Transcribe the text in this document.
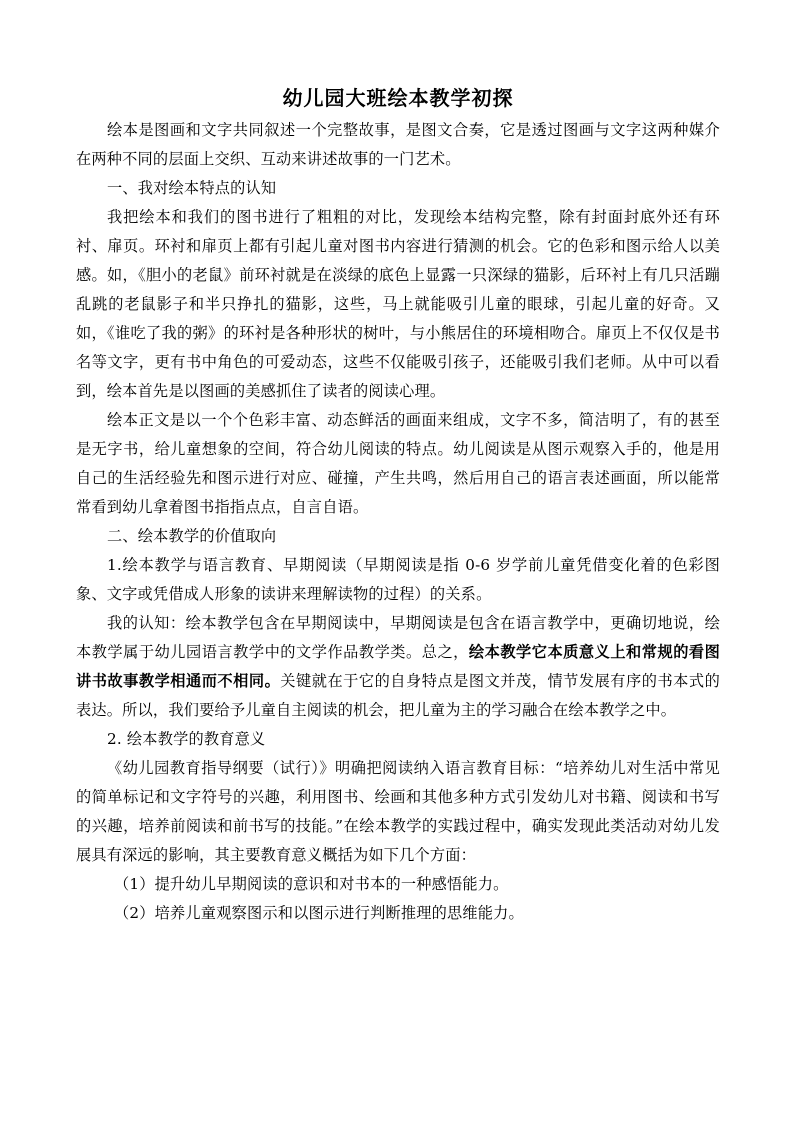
幼儿园大班绘本教学初探

绘本是图画和文字共同叙述一个完整故事，是图文合奏，它是透过图画与文字这两种媒介在两种不同的层面上交织、互动来讲述故事的一门艺术。

一、我对绘本特点的认知

我把绘本和我们的图书进行了粗粗的对比，发现绘本结构完整，除有封面封底外还有环衬、扉页。环衬和扉页上都有引起儿童对图书内容进行猜测的机会。它的色彩和图示给人以美感。如，《胆小的老鼠》前环衬就是在淡绿的底色上显露一只深绿的猫影，后环衬上有几只活蹦乱跳的老鼠影子和半只挣扎的猫影，这些，马上就能吸引儿童的眼球，引起儿童的好奇。又如，《谁吃了我的粥》的环衬是各种形状的树叶，与小熊居住的环境相吻合。扉页上不仅仅是书名等文字，更有书中角色的可爱动态，这些不仅能吸引孩子，还能吸引我们老师。从中可以看到，绘本首先是以图画的美感抓住了读者的阅读心理。

绘本正文是以一个个色彩丰富、动态鲜活的画面来组成，文字不多，简洁明了，有的甚至是无字书，给儿童想象的空间，符合幼儿阅读的特点。幼儿阅读是从图示观察入手的，他是用自己的生活经验先和图示进行对应、碰撞，产生共鸣，然后用自己的语言表述画面，所以能常常看到幼儿拿着图书指指点点，自言自语。

二、绘本教学的价值取向

1.绘本教学与语言教育、早期阅读（早期阅读是指 0-6 岁学前儿童凭借变化着的色彩图象、文字或凭借成人形象的读讲来理解读物的过程）的关系。

我的认知：绘本教学包含在早期阅读中，早期阅读是包含在语言教学中，更确切地说，绘本教学属于幼儿园语言教学中的文学作品教学类。总之，绘本教学它本质意义上和常规的看图讲书故事教学相通而不相同。关键就在于它的自身特点是图文并茂，情节发展有序的书本式的表达。所以，我们要给予儿童自主阅读的机会，把儿童为主的学习融合在绘本教学之中。

2. 绘本教学的教育意义

《幼儿园教育指导纲要（试行）》明确把阅读纳入语言教育目标：“培养幼儿对生活中常见的简单标记和文字符号的兴趣，利用图书、绘画和其他多种方式引发幼儿对书籍、阅读和书写的兴趣，培养前阅读和前书写的技能。”在绘本教学的实践过程中，确实发现此类活动对幼儿发展具有深远的影响，其主要教育意义概括为如下几个方面：

（1）提升幼儿早期阅读的意识和对书本的一种感悟能力。

（2）培养儿童观察图示和以图示进行判断推理的思维能力。
